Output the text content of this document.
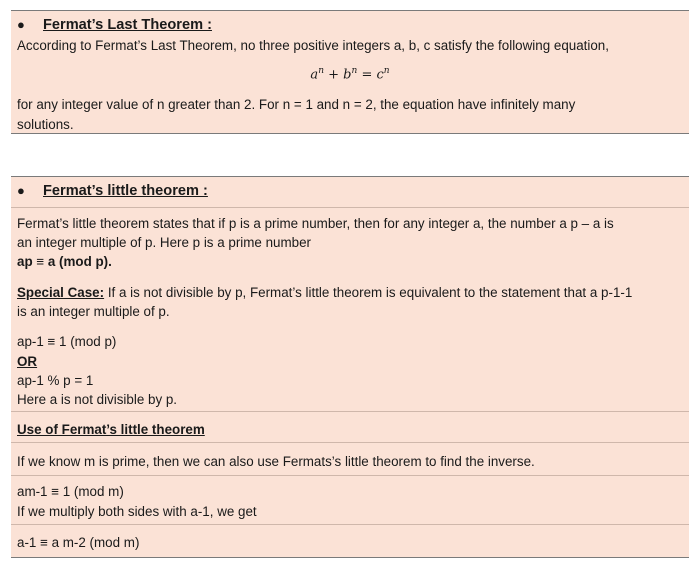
● Fermat’s Last Theorem :
According to Fermat’s Last Theorem, no three positive integers a, b, c satisfy the following equation,
$a^n + b^n = c^n$
for any integer value of n greater than 2. For n = 1 and n = 2, the equation have infinitely many
solutions.
● Fermat’s little theorem :
Fermat’s little theorem states that if p is a prime number, then for any integer a, the number a p – a is
an integer multiple of p. Here p is a prime number
ap ≡ a (mod p).
Special Case: If a is not divisible by p, Fermat’s little theorem is equivalent to the statement that a p-1-1
is an integer multiple of p.
ap-1 ≡ 1 (mod p)
OR
ap-1 % p = 1
Here a is not divisible by p.
Use of Fermat’s little theorem
If we know m is prime, then we can also use Fermats’s little theorem to find the inverse.
am-1 ≡ 1 (mod m)
If we multiply both sides with a-1, we get
a-1 ≡ a m-2 (mod m)
